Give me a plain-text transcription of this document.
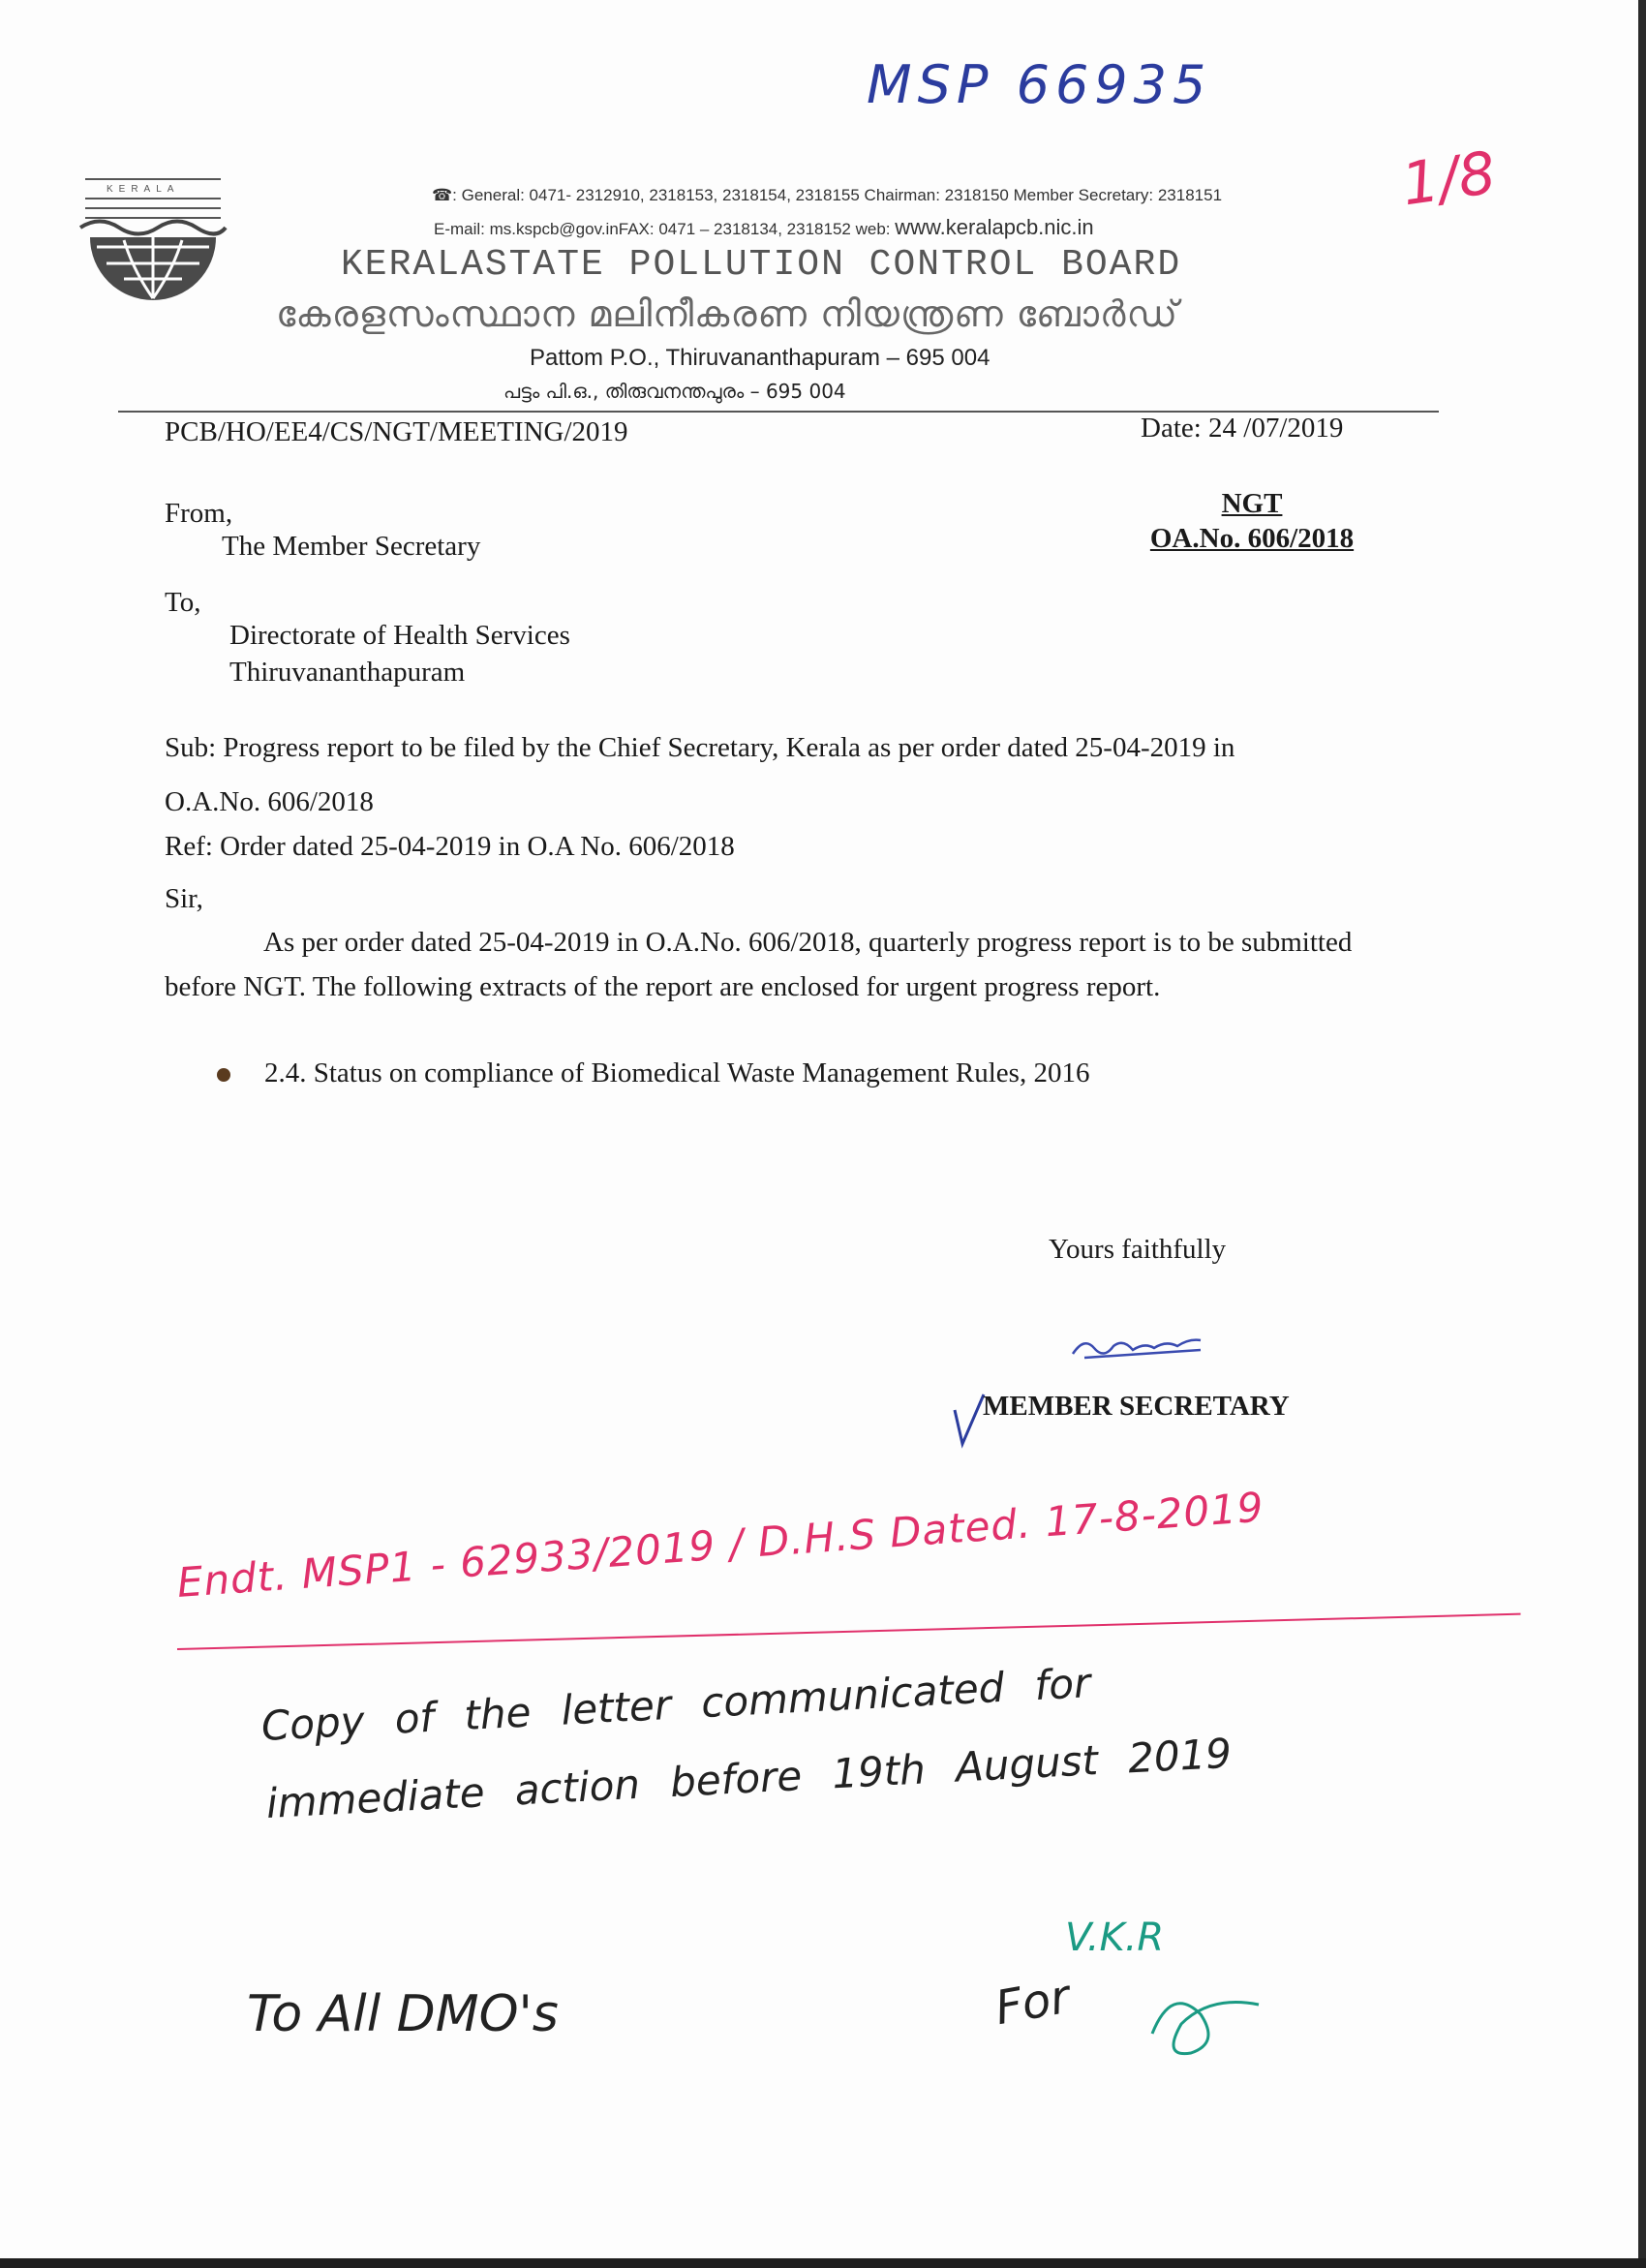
KERALA	☎: General: 0471- 2312910, 2318153, 2318154, 2318155 Chairman: 2318150 Member Secretary: 2318151
E-mail: ms.kspcb@gov.inFAX: 0471 – 2318134, 2318152 web: www.keralapcb.nic.in
KERALASTATE POLLUTION CONTROL BOARD
കേരളസംസ്ഥാന മലിനീകരണ നിയന്ത്രണ ബോർഡ്
Pattom P.O., Thiruvananthapuram – 695 004
പട്ടം പി.ഒ., തിരുവനന്തപുരം – 695 004
PCB/HO/EE4/CS/NGT/MEETING/2019	Date: 24 /07/2019
From,
The Member Secretary
NGT
OA.No. 606/2018
To,
Directorate of Health Services
Thiruvananthapuram
Sub: Progress report to be filed by the Chief Secretary, Kerala as per order dated 25-04-2019 in
O.A.No. 606/2018
Ref: Order dated 25-04-2019 in O.A No. 606/2018
Sir,
As per order dated 25-04-2019 in O.A.No. 606/2018, quarterly progress report is to be submitted before NGT. The following extracts of the report are enclosed for urgent progress report.
2.4. Status on compliance of Biomedical Waste Management Rules, 2016
Yours faithfully
MEMBER SECRETARY
MSP 66935
1/8
Endt. MSP1 - 62933/2019 / D.H.S Dated. 17-8-2019
Copy of the letter communicated for
immediate action before 19th August 2019
To All DMO's	For
V.K.R
